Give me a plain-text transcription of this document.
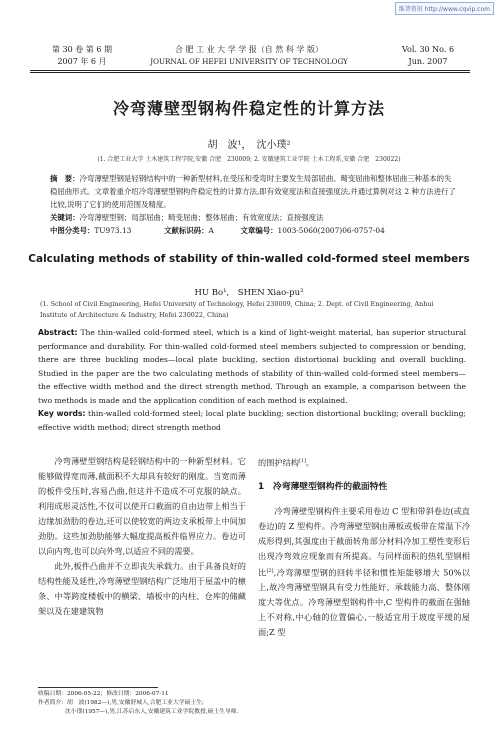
维普资讯 http://www.cqvip.com
第 30 卷 第 6 期
2007 年 6 月
合 肥 工 业 大 学 学 报（自 然 科 学 版）
JOURNAL OF HEFEI UNIVERSITY OF TECHNOLOGY
Vol. 30 No. 6
Jun. 2007
冷弯薄壁型钢构件稳定性的计算方法
胡　波¹，　沈小璞²
(1. 合肥工业大学 土木建筑工程学院,安徽 合肥　230009; 2. 安徽建筑工业学院 土木工程系,安徽 合肥　230022)

摘　要：冷弯薄壁型钢是轻钢结构中的一种新型材料,在受压和受弯时主要发生局部屈曲、畸变屈曲和整体屈曲三种基本的失稳屈曲形式。文章着重介绍冷弯薄壁型钢构件稳定性的计算方法,即有效宽度法和直接强度法,并通过算例对这 2 种方法进行了比较,说明了它们的使用范围及精度。

关键词：冷弯薄壁型钢；局部屈曲；畸变屈曲；整体屈曲；有效宽度法；直接强度法

中图分类号：TU973.13	文献标识码：A	文章编号：1003-5060(2007)06-0757-04

Calculating methods of stability of thin-walled cold-formed steel members
HU Bo¹,　SHEN Xiao-pu²
(1. School of Civil Engineering, Hefei University of Technology, Hefei 230009, China; 2. Dept. of Civil Engineering, Anhui Institute of Architecture & Industry, Hefei 230022, China)

Abstract: The thin-walled cold-formed steel, which is a kind of light-weight material, has superior structural performance and durability. For thin-walled cold-formed steel members subjected to compression or bending, there are three buckling modes—local plate buckling, section distortional buckling and overall buckling. Studied in the paper are the two calculating methods of stability of thin-walled cold-formed steel members—the effective width method and the direct strength method. Through an example, a comparison between the two methods is made and the application condition of each method is explained.

Key words: thin-walled cold-formed steel; local plate buckling; section distortional buckling; overall buckling; effective width method; direct strength method

冷弯薄壁型钢结构是轻钢结构中的一种新型材料。它能够做得宽而薄,截面积不大却具有较好的刚度。当宽而薄的板件受压时,容易凸曲,但这并不造成不可克服的缺点。利用成形灵活性,不仅可以使开口截面的自由边带上相当于边缘加劲肋的卷边,还可以使较宽的两边支承板带上中间加劲肋。这些加劲肋能够大幅度提高板件临界应力。卷边可以向内弯,也可以向外弯,以适应不同的需要。

此外,板件凸曲并不立即丧失承载力。由于具备良好的结构性能及延性,冷弯薄壁型钢结构广泛地用于屋盖中的檩条、中等跨度楼板中的横梁、墙板中的内柱、仓库的储藏架以及在建建筑物

的围护结构[1]。

1　冷弯薄壁型钢构件的截面特性

冷弯薄壁型钢构件主要采用卷边 C 型和带斜卷边(或直卷边)的 Z 型构件。冷弯薄壁型钢由薄板或板带在常温下冷成形得到,其强度由于截面转角部分材料冷加工塑性变形后出现冷弯效应现象而有所提高。与同样面积的热轧型钢相比[2],冷弯薄壁型钢的回转半径和惯性矩能够增大 50%以上,故冷弯薄壁型钢具有受力性能好、承载能力高、整体刚度大等优点。冷弯薄壁型钢构件中,C 型构件的截面在强轴上不对称,中心轴的位置偏心,一般适宜用于坡度平缓的屋面;Z 型

收稿日期：2006-05-22；修改日期：2006-07-11
作者简介：胡　波(1982—),男,安徽舒城人,合肥工业大学硕士生;
沈小璞(1957—),男,江苏启东人,安徽建筑工业学院教授,硕士生导师.
